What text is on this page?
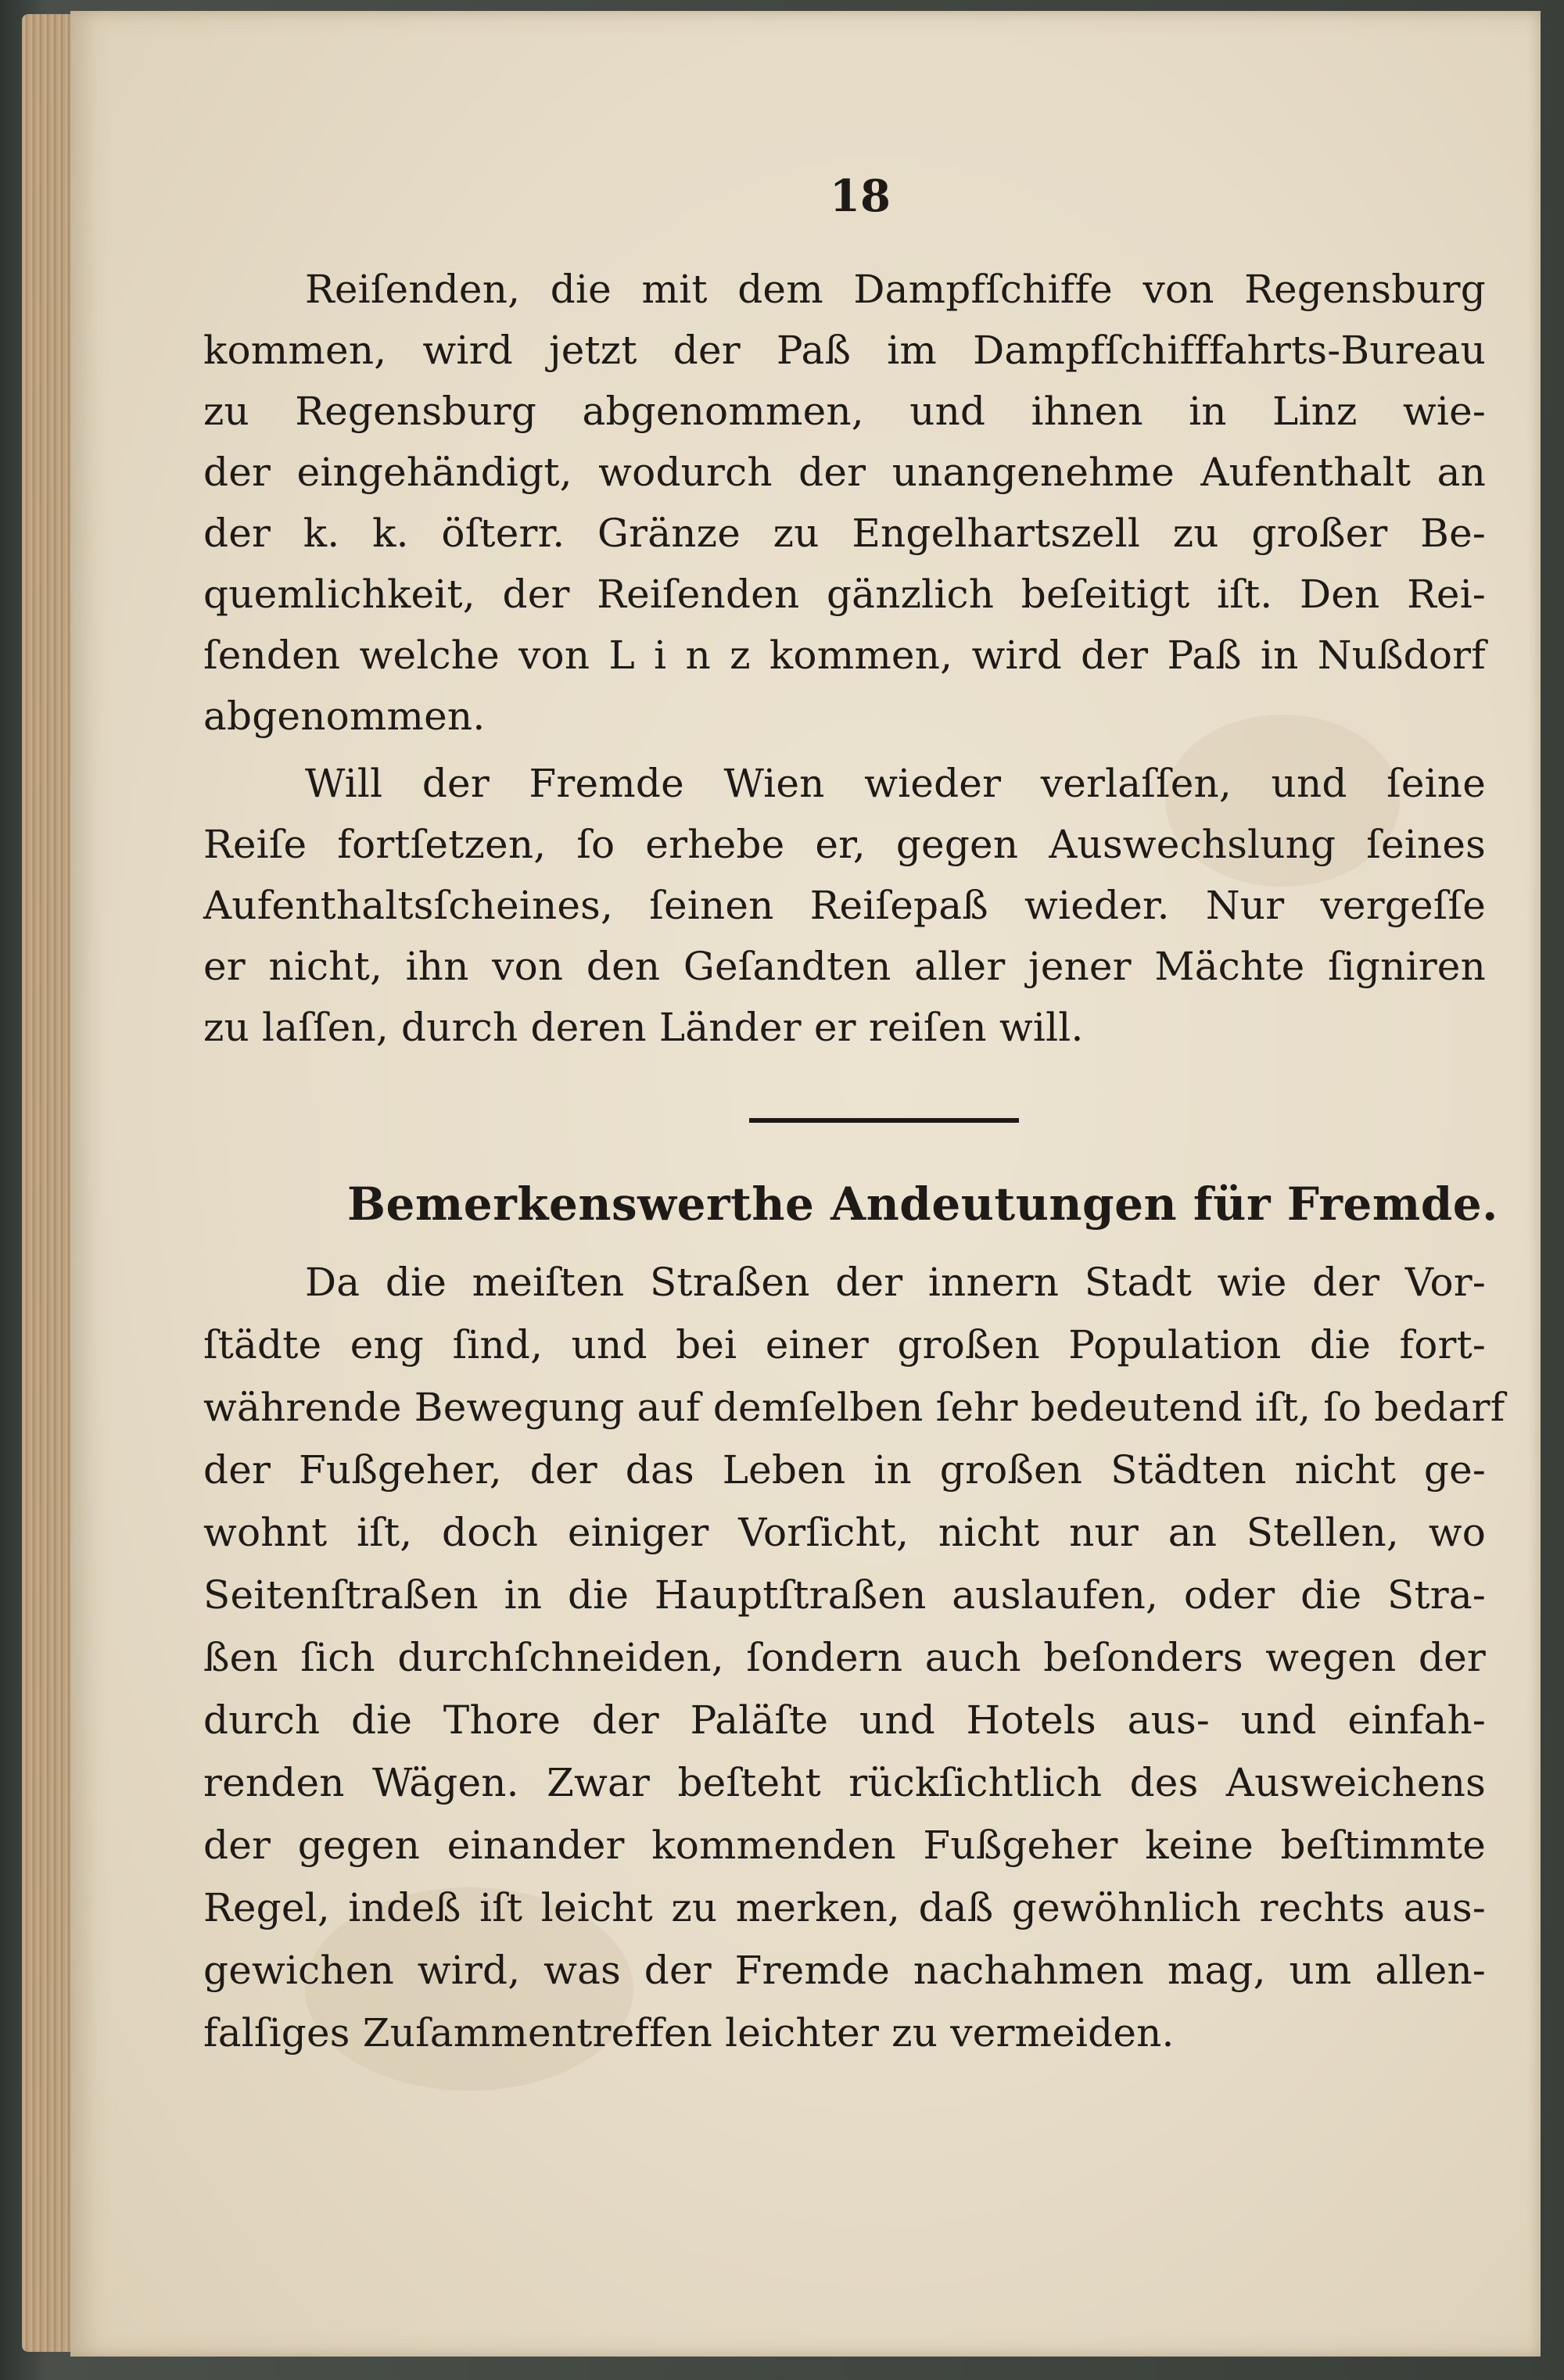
18
Reiſenden, die mit dem Dampfſchiffe von Regensburg
kommen, wird jetzt der Paß im Dampfſchifffahrts-Bureau
zu Regensburg abgenommen, und ihnen in Linz wie-
der eingehändigt, wodurch der unangenehme Aufenthalt an
der k. k. öſterr. Gränze zu Engelhartszell zu großer Be-
quemlichkeit, der Reiſenden gänzlich beſeitigt iſt. Den Rei-
ſenden welche von L i n z kommen, wird der Paß in Nußdorf
abgenommen.
Will der Fremde Wien wieder verlaſſen, und ſeine
Reiſe fortſetzen, ſo erhebe er, gegen Auswechslung ſeines
Aufenthaltsſcheines, ſeinen Reiſepaß wieder. Nur vergeſſe
er nicht, ihn von den Geſandten aller jener Mächte ſigniren
zu laſſen, durch deren Länder er reiſen will.
Bemerkenswerthe Andeutungen für Fremde.
Da die meiſten Straßen der innern Stadt wie der Vor-
ſtädte eng ſind, und bei einer großen Population die fort-
währende Bewegung auf demſelben ſehr bedeutend iſt, ſo bedarf
der Fußgeher, der das Leben in großen Städten nicht ge-
wohnt iſt, doch einiger Vorſicht, nicht nur an Stellen, wo
Seitenſtraßen in die Hauptſtraßen auslaufen, oder die Stra-
ßen ſich durchſchneiden, ſondern auch beſonders wegen der
durch die Thore der Paläſte und Hotels aus- und einfah-
renden Wägen. Zwar beſteht rückſichtlich des Ausweichens
der gegen einander kommenden Fußgeher keine beſtimmte
Regel, indeß iſt leicht zu merken, daß gewöhnlich rechts aus-
gewichen wird, was der Fremde nachahmen mag, um allen-
falſiges Zuſammentreffen leichter zu vermeiden.
